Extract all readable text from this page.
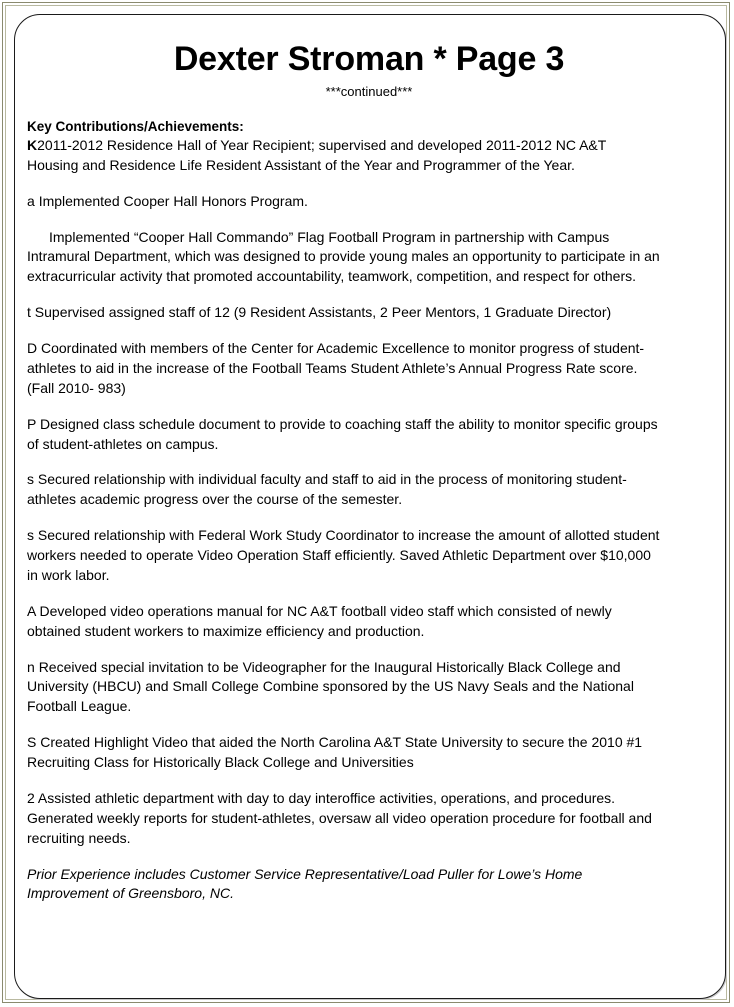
Dexter Stroman * Page 3
***continued***
Key Contributions/Achievements:
K2011-2012 Residence Hall of Year Recipient; supervised and developed 2011-2012 NC A&T Housing and Residence Life Resident Assistant of the Year and Programmer of the Year.
a Implemented Cooper Hall Honors Program.
Implemented “Cooper Hall Commando” Flag Football Program in partnership with Campus Intramural Department, which was designed to provide young males an opportunity to participate in an extracurricular activity that promoted accountability, teamwork, competition, and respect for others.
t Supervised assigned staff of 12 (9 Resident Assistants, 2 Peer Mentors, 1 Graduate Director)
D Coordinated with members of the Center for Academic Excellence to monitor progress of student-athletes to aid in the increase of the Football Teams Student Athlete’s Annual Progress Rate score. (Fall 2010- 983)
P Designed class schedule document to provide to coaching staff the ability to monitor specific groups of student-athletes on campus.
s Secured relationship with individual faculty and staff to aid in the process of monitoring student-athletes academic progress over the course of the semester.
s Secured relationship with Federal Work Study Coordinator to increase the amount of allotted student workers needed to operate Video Operation Staff efficiently. Saved Athletic Department over $10,000 in work labor.
A Developed video operations manual for NC A&T football video staff which consisted of newly obtained student workers to maximize efficiency and production.
n Received special invitation to be Videographer for the Inaugural Historically Black College and University (HBCU) and Small College Combine sponsored by the US Navy Seals and the National Football League.
S Created Highlight Video that aided the North Carolina A&T State University to secure the 2010 #1 Recruiting Class for Historically Black College and Universities
2 Assisted athletic department with day to day interoffice activities, operations, and procedures. Generated weekly reports for student-athletes, oversaw all video operation procedure for football and recruiting needs.
Prior Experience includes Customer Service Representative/Load Puller for Lowe’s Home Improvement of Greensboro, NC.
